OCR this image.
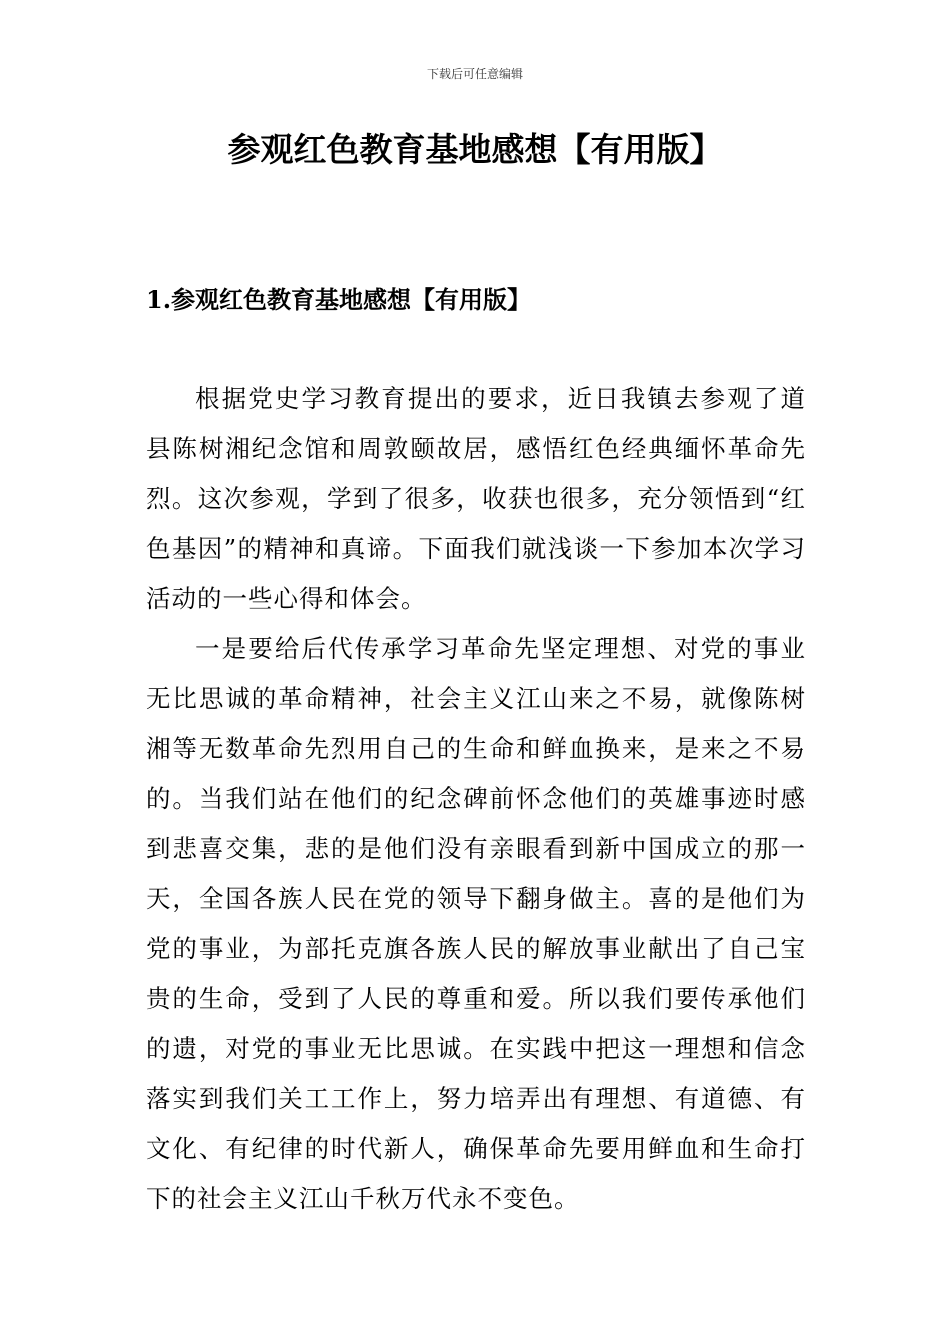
下载后可任意编辑
参观红色教育基地感想【有用版】
1.参观红色教育基地感想【有用版】

根据党史学习教育提出的要求，近日我镇去参观了道县陈树湘纪念馆和周敦颐故居，感悟红色经典缅怀革命先烈。这次参观，学到了很多，收获也很多，充分领悟到“红色基因”的精神和真谛。下面我们就浅谈一下参加本次学习活动的一些心得和体会。

一是要给后代传承学习革命先坚定理想、对党的事业无比思诚的革命精神，社会主义江山来之不易，就像陈树湘等无数革命先烈用自己的生命和鲜血换来，是来之不易的。当我们站在他们的纪念碑前怀念他们的英雄事迹时感到悲喜交集，悲的是他们没有亲眼看到新中国成立的那一天，全国各族人民在党的领导下翻身做主。喜的是他们为党的事业，为部托克旗各族人民的解放事业献出了自己宝贵的生命，受到了人民的尊重和爱。所以我们要传承他们的遗，对党的事业无比思诚。在实践中把这一理想和信念落实到我们关工工作上，努力培弄出有理想、有道德、有文化、有纪律的时代新人，确保革命先要用鲜血和生命打下的社会主义江山千秋万代永不变色。
